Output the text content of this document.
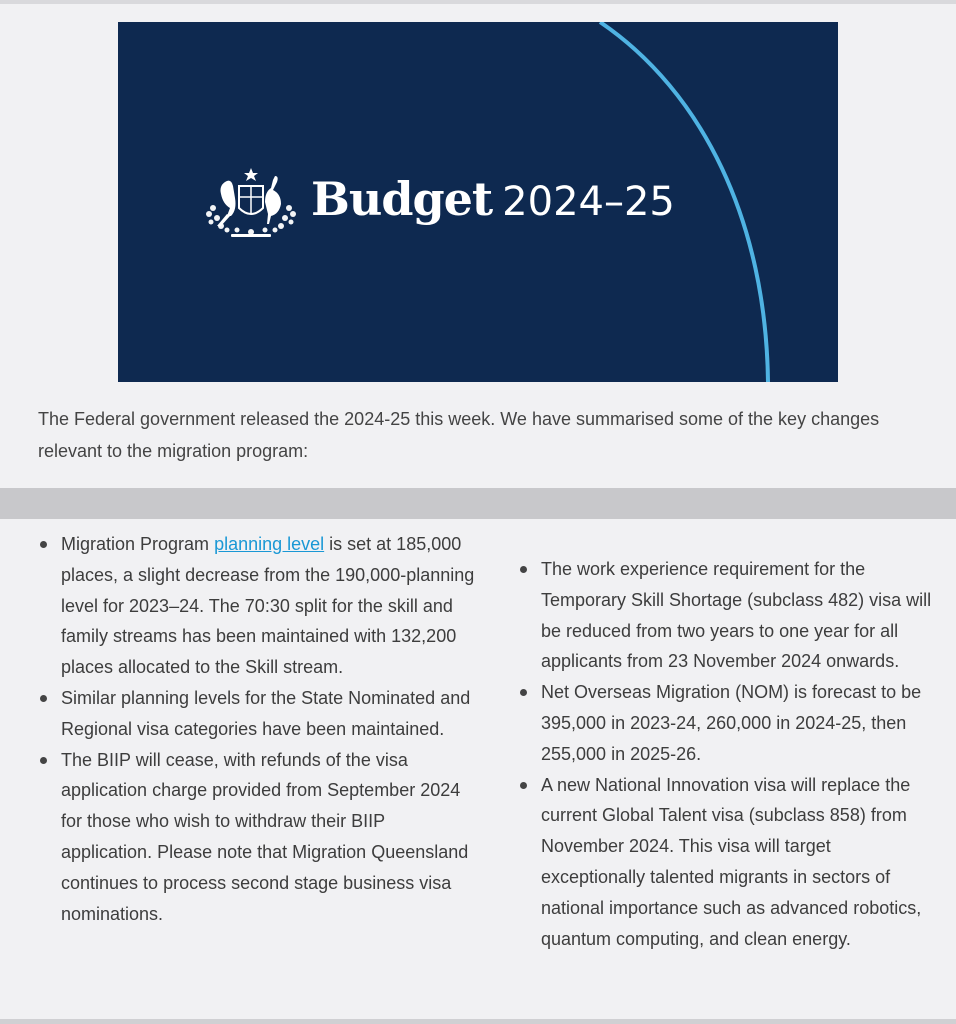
Budget 2024–25

The Federal government released the 2024-25 this week. We have summarised some of the key changes relevant to the migration program:

Migration Program planning level is set at 185,000 places, a slight decrease from the 190,000-planning level for 2023–24. The 70:30 split for the skill and family streams has been maintained with 132,200 places allocated to the Skill stream.
Similar planning levels for the State Nominated and Regional visa categories have been maintained.
The BIIP will cease, with refunds of the visa application charge provided from September 2024 for those who wish to withdraw their BIIP application. Please note that Migration Queensland continues to process second stage business visa nominations.
The work experience requirement for the Temporary Skill Shortage (subclass 482) visa will be reduced from two years to one year for all applicants from 23 November 2024 onwards.
Net Overseas Migration (NOM) is forecast to be 395,000 in 2023-24, 260,000 in 2024-25, then 255,000 in 2025-26.
A new National Innovation visa will replace the current Global Talent visa (subclass 858) from November 2024. This visa will target exceptionally talented migrants in sectors of national importance such as advanced robotics, quantum computing, and clean energy.
